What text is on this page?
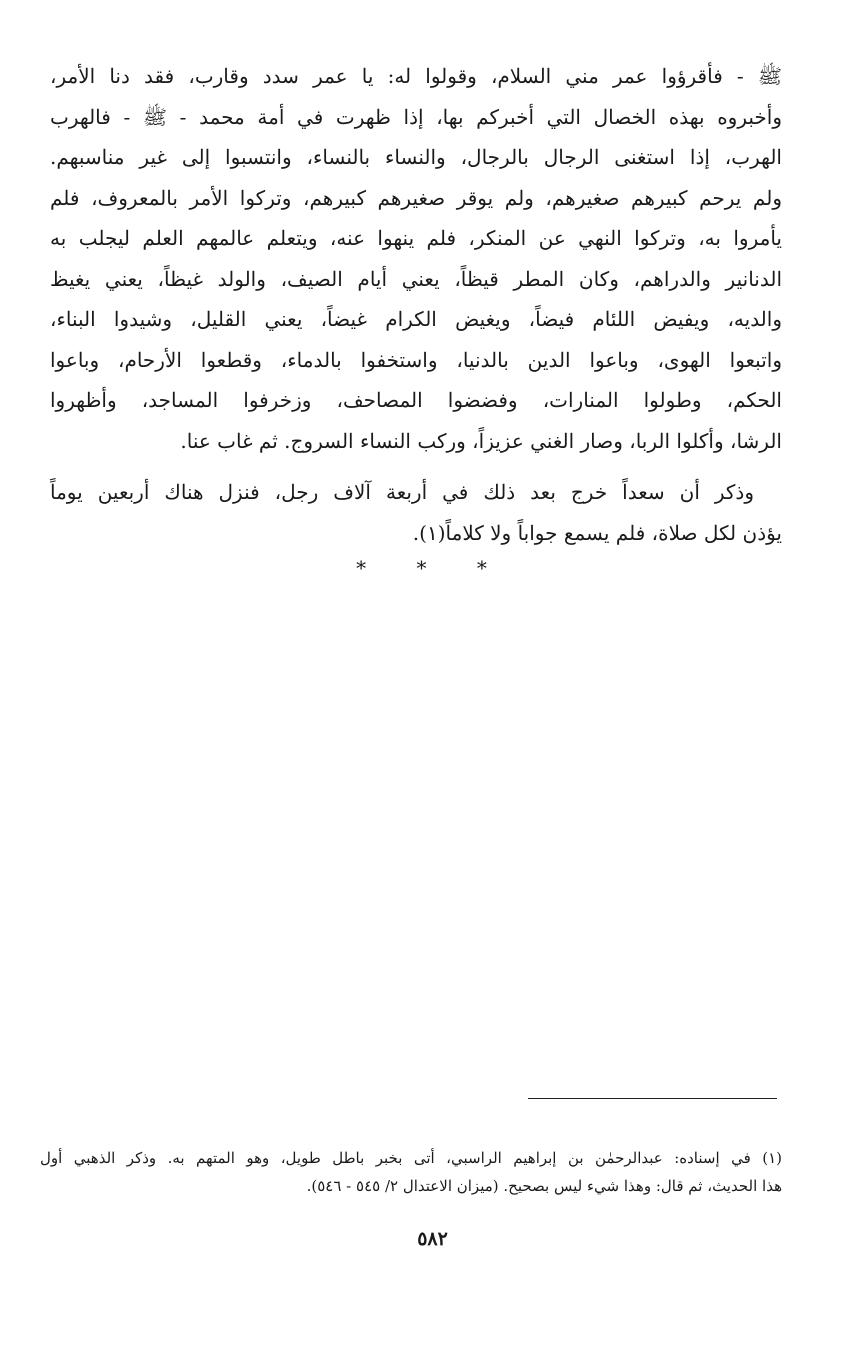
ﷺ - فأقرؤوا عمر مني السلام، وقولوا له: يا عمر سدد وقارب، فقد دنا الأمر،
وأخبروه بهذه الخصال التي أخبركم بها، إذا ظهرت في أمة محمد - ﷺ - فالهرب
الهرب، إذا استغنى الرجال بالرجال، والنساء بالنساء، وانتسبوا إلى غير مناسبهم.
ولم يرحم كبيرهم صغيرهم، ولم يوقر صغيرهم كبيرهم، وتركوا الأمر بالمعروف، فلم
يأمروا به، وتركوا النهي عن المنكر، فلم ينهوا عنه، ويتعلم عالمهم العلم ليجلب به
الدنانير والدراهم، وكان المطر قيظاً، يعني أيام الصيف، والولد غيظاً، يعني يغيظ
والديه، ويفيض اللئام فيضاً، ويغيض الكرام غيضاً، يعني القليل، وشيدوا البناء،
واتبعوا الهوى، وباعوا الدين بالدنيا، واستخفوا بالدماء، وقطعوا الأرحام، وباعوا
الحكم، وطولوا المنارات، وفضضوا المصاحف، وزخرفوا المساجد، وأظهروا
الرشا، وأكلوا الربا، وصار الغني عزيزاً، وركب النساء السروج. ثم غاب عنا.
وذكر أن سعداً خرج بعد ذلك في أربعة آلاف رجل، فنزل هناك أربعين يوماً
يؤذن لكل صلاة، فلم يسمع جواباً ولا كلاماً(١).
* * *
(١) في إسناده: عبدالرحمٰن بن إبراهيم الراسبي، أتى بخبر باطل طويل، وهو المتهم به. وذكر الذهبي أول
هذا الحديث، ثم قال: وهذا شيء ليس بصحيح. (ميزان الاعتدال ٢/ ٥٤٥ - ٥٤٦).
٥٨٢
